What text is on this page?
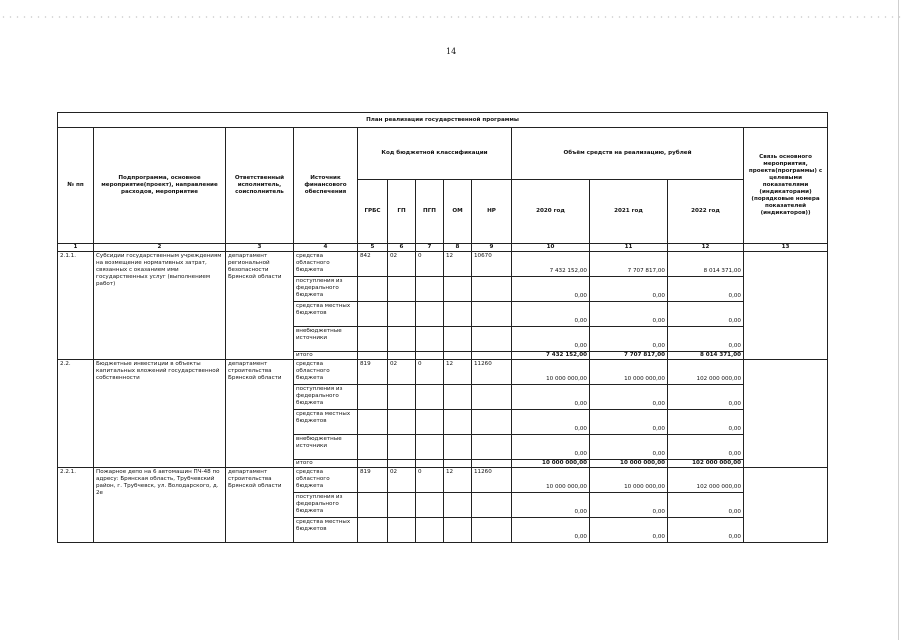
14
План реализации государственной программы												
№ пп	Подпрограмма, основное мероприятие(проект), направление расходов, мероприятие	Ответственный исполнитель, соисполнитель	Источник финансового обеспечения	Код бюджетной классификации					Объём средств на реализацию, рублей			Связь основного мероприятия, проекта(программы) с целевыми показателями (индикаторами) (порядковые номера показателей (индикаторов))
				ГРБС	ГП	ПГП	ОМ	НР	2020 год	2021 год	2022 год	
1	2	3	4	5	6	7	8	9	10	11	12	13
2.1.1.	Субсидии государственным учреждениям на возмещение нормативных затрат, связанных с оказанием ими государственных услуг (выполнением работ)	департамент региональной безопасности Брянской области	средства областного бюджета	842	02	0	12	10670	7 432 152,00	7 707 817,00	8 014 371,00	
			поступления из федерального бюджета						0,00	0,00	0,00	
			средства местных бюджетов						0,00	0,00	0,00	
			внебюджетные источники						0,00	0,00	0,00	
			итого						7 432 152,00	7 707 817,00	8 014 371,00	
2.2.	Бюджетные инвестиции в объекты капитальных вложений государственной собственности	департамент строительства Брянской области	средства областного бюджета	819	02	0	12	11260	10 000 000,00	10 000 000,00	102 000 000,00	
			поступления из федерального бюджета						0,00	0,00	0,00	
			средства местных бюджетов						0,00	0,00	0,00	
			внебюджетные источники						0,00	0,00	0,00	
			итого						10 000 000,00	10 000 000,00	102 000 000,00	
2.2.1.	Пожарное депо на 6 автомашин ПЧ-48 по адресу: Брянская область, Трубчевский район, г. Трубчевск, ул. Володарского, д. 2е	департамент строительства Брянской области	средства областного бюджета	819	02	0	12	11260	10 000 000,00	10 000 000,00	102 000 000,00	
			поступления из федерального бюджета						0,00	0,00	0,00	
			средства местных бюджетов						0,00	0,00	0,00	
